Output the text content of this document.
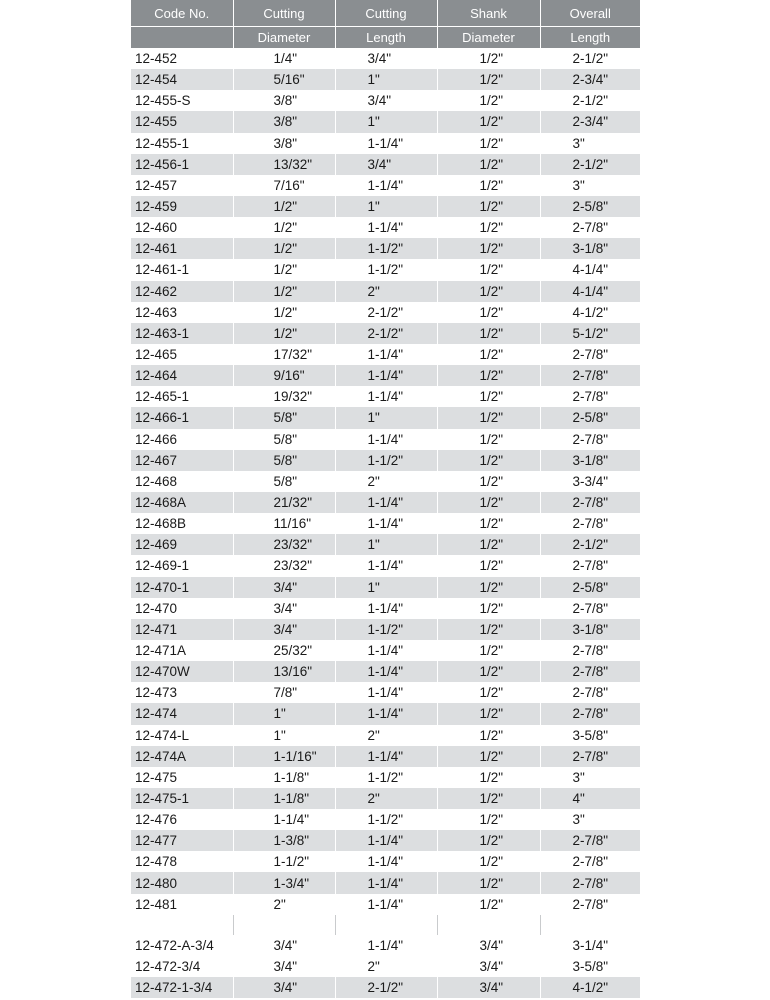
Code No.	Cutting	Cutting	Shank	Overall
	Diameter	Length	Diameter	Length
12-452	1/4"	3/4"	1/2"	2-1/2"
12-454	5/16"	1"	1/2"	2-3/4"
12-455-S	3/8"	3/4"	1/2"	2-1/2"
12-455	3/8"	1"	1/2"	2-3/4"
12-455-1	3/8"	1-1/4"	1/2"	3"
12-456-1	13/32"	3/4"	1/2"	2-1/2"
12-457	7/16"	1-1/4"	1/2"	3"
12-459	1/2"	1"	1/2"	2-5/8"
12-460	1/2"	1-1/4"	1/2"	2-7/8"
12-461	1/2"	1-1/2"	1/2"	3-1/8"
12-461-1	1/2"	1-1/2"	1/2"	4-1/4"
12-462	1/2"	2"	1/2"	4-1/4"
12-463	1/2"	2-1/2"	1/2"	4-1/2"
12-463-1	1/2"	2-1/2"	1/2"	5-1/2"
12-465	17/32"	1-1/4"	1/2"	2-7/8"
12-464	9/16"	1-1/4"	1/2"	2-7/8"
12-465-1	19/32"	1-1/4"	1/2"	2-7/8"
12-466-1	5/8"	1"	1/2"	2-5/8"
12-466	5/8"	1-1/4"	1/2"	2-7/8"
12-467	5/8"	1-1/2"	1/2"	3-1/8"
12-468	5/8"	2"	1/2"	3-3/4"
12-468A	21/32"	1-1/4"	1/2"	2-7/8"
12-468B	11/16"	1-1/4"	1/2"	2-7/8"
12-469	23/32"	1"	1/2"	2-1/2"
12-469-1	23/32"	1-1/4"	1/2"	2-7/8"
12-470-1	3/4"	1"	1/2"	2-5/8"
12-470	3/4"	1-1/4"	1/2"	2-7/8"
12-471	3/4"	1-1/2"	1/2"	3-1/8"
12-471A	25/32"	1-1/4"	1/2"	2-7/8"
12-470W	13/16"	1-1/4"	1/2"	2-7/8"
12-473	7/8"	1-1/4"	1/2"	2-7/8"
12-474	1"	1-1/4"	1/2"	2-7/8"
12-474-L	1"	2"	1/2"	3-5/8"
12-474A	1-1/16"	1-1/4"	1/2"	2-7/8"
12-475	1-1/8"	1-1/2"	1/2"	3"
12-475-1	1-1/8"	2"	1/2"	4"
12-476	1-1/4"	1-1/2"	1/2"	3"
12-477	1-3/8"	1-1/4"	1/2"	2-7/8"
12-478	1-1/2"	1-1/4"	1/2"	2-7/8"
12-480	1-3/4"	1-1/4"	1/2"	2-7/8"
12-481	2"	1-1/4"	1/2"	2-7/8"

12-472-A-3/4	3/4"	1-1/4"	3/4"	3-1/4"
12-472-3/4	3/4"	2"	3/4"	3-5/8"
12-472-1-3/4	3/4"	2-1/2"	3/4"	4-1/2"
